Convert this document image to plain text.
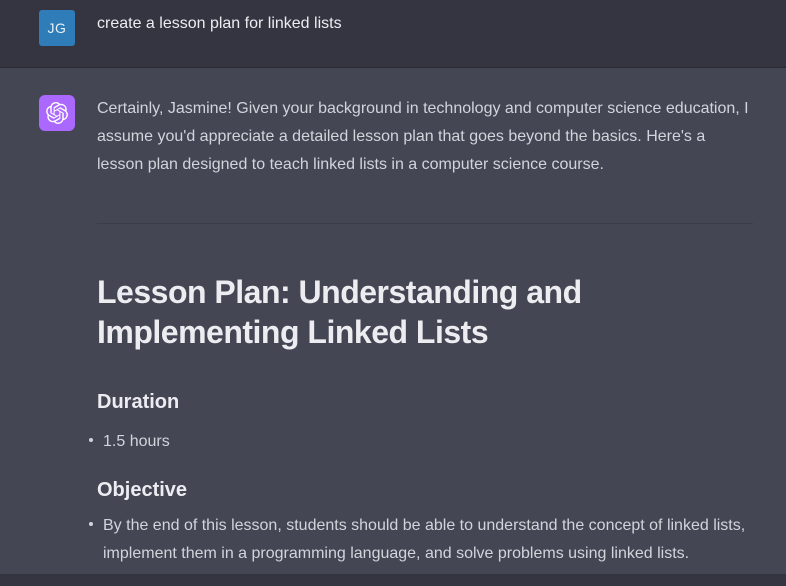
JG create a lesson plan for linked lists

Certainly, Jasmine! Given your background in technology and computer science education, I assume you'd appreciate a detailed lesson plan that goes beyond the basics. Here's a lesson plan designed to teach linked lists in a computer science course.

Lesson Plan: Understanding and Implementing Linked Lists
Duration
1.5 hours
Objective
By the end of this lesson, students should be able to understand the concept of linked lists, implement them in a programming language, and solve problems using linked lists.
